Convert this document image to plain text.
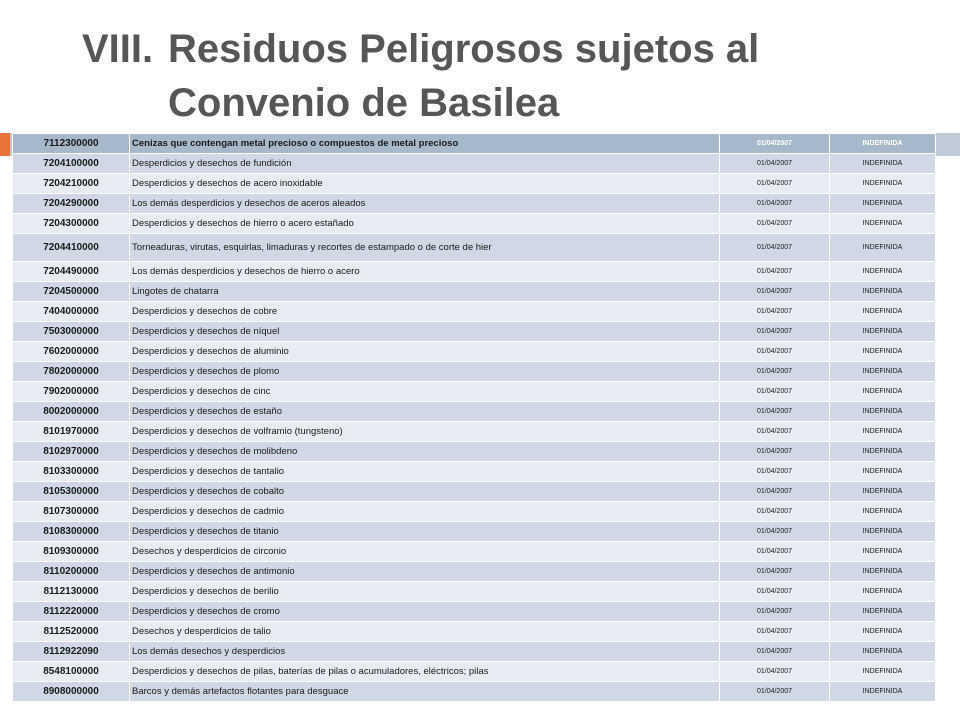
VIII. Residuos Peligrosos sujetos al
Convenio de Basilea
7112300000	Cenizas que contengan metal precioso o compuestos de metal precioso	01/04/2007	INDEFINIDA
7204100000	Desperdicios y desechos de fundición	01/04/2007	INDEFINIDA
7204210000	Desperdicios y desechos de acero inoxidable	01/04/2007	INDEFINIDA
7204290000	Los demás desperdicios y desechos de aceros aleados	01/04/2007	INDEFINIDA
7204300000	Desperdicios y desechos de hierro o acero estañado	01/04/2007	INDEFINIDA
7204410000	Torneaduras, virutas, esquirlas, limaduras y recortes de estampado o de corte de hier	01/04/2007	INDEFINIDA
7204490000	Los demás desperdicios y desechos de hierro o acero	01/04/2007	INDEFINIDA
7204500000	Lingotes de chatarra	01/04/2007	INDEFINIDA
7404000000	Desperdicios y desechos de cobre	01/04/2007	INDEFINIDA
7503000000	Desperdicios y desechos de níquel	01/04/2007	INDEFINIDA
7602000000	Desperdicios y desechos de aluminio	01/04/2007	INDEFINIDA
7802000000	Desperdicios y desechos de plomo	01/04/2007	INDEFINIDA
7902000000	Desperdicios y desechos de cinc	01/04/2007	INDEFINIDA
8002000000	Desperdicios y desechos de estaño	01/04/2007	INDEFINIDA
8101970000	Desperdicios y desechos de volframio (tungsteno)	01/04/2007	INDEFINIDA
8102970000	Desperdicios y desechos de molibdeno	01/04/2007	INDEFINIDA
8103300000	Desperdicios y desechos de tantalio	01/04/2007	INDEFINIDA
8105300000	Desperdicios y desechos de cobalto	01/04/2007	INDEFINIDA
8107300000	Desperdicios y desechos de cadmio	01/04/2007	INDEFINIDA
8108300000	Desperdicios y desechos de titanio	01/04/2007	INDEFINIDA
8109300000	Desechos y desperdicios de circonio	01/04/2007	INDEFINIDA
8110200000	Desperdicios y desechos de antimonio	01/04/2007	INDEFINIDA
8112130000	Desperdicios y desechos de berilio	01/04/2007	INDEFINIDA
8112220000	Desperdicios y desechos de cromo	01/04/2007	INDEFINIDA
8112520000	Desechos y desperdicios de talio	01/04/2007	INDEFINIDA
8112922090	Los demás desechos y desperdicios	01/04/2007	INDEFINIDA
8548100000	Desperdicios y desechos de pilas, baterías de pilas o acumuladores, eléctricos; pilas	01/04/2007	INDEFINIDA
8908000000	Barcos y demás artefactos flotantes para desguace	01/04/2007	INDEFINIDA
